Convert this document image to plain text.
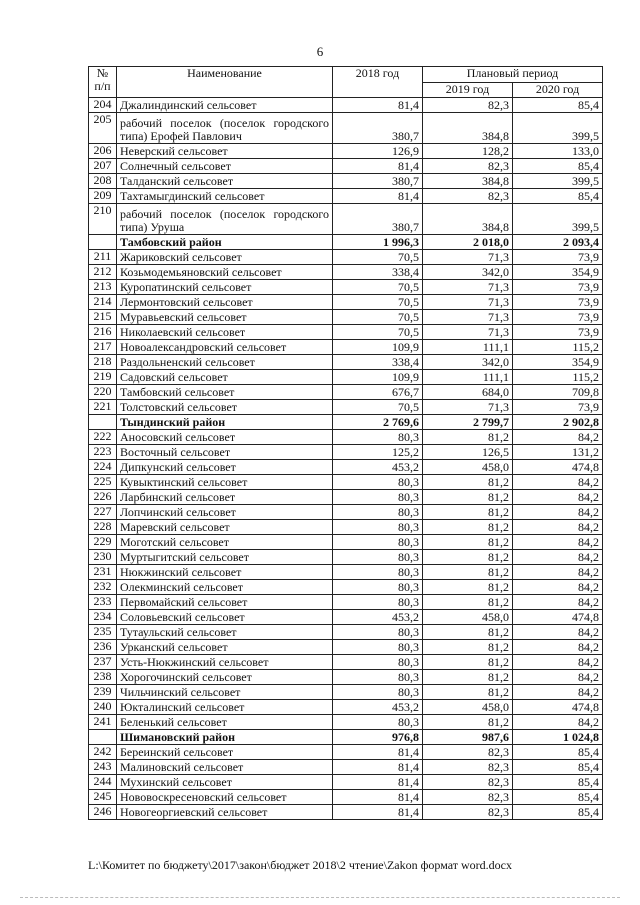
6
№
п/п	Наименование	2018 год	Плановый период	
			2019 год	2020 год
204	Джалиндинский сельсовет	81,4	82,3	85,4
205	рабочий поселок (поселок городского типа) Ерофей Павлович	380,7	384,8	399,5
206	Неверский сельсовет	126,9	128,2	133,0
207	Солнечный сельсовет	81,4	82,3	85,4
208	Талданский сельсовет	380,7	384,8	399,5
209	Тахтамыгдинский сельсовет	81,4	82,3	85,4
210	рабочий поселок (поселок городского типа) Уруша	380,7	384,8	399,5
	Тамбовский район	1 996,3	2 018,0	2 093,4
211	Жариковский сельсовет	70,5	71,3	73,9
212	Козьмодемьяновский сельсовет	338,4	342,0	354,9
213	Куропатинский сельсовет	70,5	71,3	73,9
214	Лермонтовский сельсовет	70,5	71,3	73,9
215	Муравьевский сельсовет	70,5	71,3	73,9
216	Николаевский сельсовет	70,5	71,3	73,9
217	Новоалександровский сельсовет	109,9	111,1	115,2
218	Раздольненский сельсовет	338,4	342,0	354,9
219	Садовский сельсовет	109,9	111,1	115,2
220	Тамбовский сельсовет	676,7	684,0	709,8
221	Толстовский сельсовет	70,5	71,3	73,9
	Тындинский район	2 769,6	2 799,7	2 902,8
222	Аносовский сельсовет	80,3	81,2	84,2
223	Восточный сельсовет	125,2	126,5	131,2
224	Дипкунский сельсовет	453,2	458,0	474,8
225	Кувыктинский сельсовет	80,3	81,2	84,2
226	Ларбинский сельсовет	80,3	81,2	84,2
227	Лопчинский сельсовет	80,3	81,2	84,2
228	Маревский сельсовет	80,3	81,2	84,2
229	Моготский сельсовет	80,3	81,2	84,2
230	Муртыгитский сельсовет	80,3	81,2	84,2
231	Нюкжинский сельсовет	80,3	81,2	84,2
232	Олекминский сельсовет	80,3	81,2	84,2
233	Первомайский сельсовет	80,3	81,2	84,2
234	Соловьевский сельсовет	453,2	458,0	474,8
235	Тутаульский сельсовет	80,3	81,2	84,2
236	Урканский сельсовет	80,3	81,2	84,2
237	Усть-Нюкжинский сельсовет	80,3	81,2	84,2
238	Хорогочинский сельсовет	80,3	81,2	84,2
239	Чильчинский сельсовет	80,3	81,2	84,2
240	Юкталинский сельсовет	453,2	458,0	474,8
241	Беленький сельсовет	80,3	81,2	84,2
	Шимановский район	976,8	987,6	1 024,8
242	Береинский сельсовет	81,4	82,3	85,4
243	Малиновский сельсовет	81,4	82,3	85,4
244	Мухинский сельсовет	81,4	82,3	85,4
245	Нововоскресеновский сельсовет	81,4	82,3	85,4
246	Новогеоргиевский сельсовет	81,4	82,3	85,4
L:\Комитет по бюджету\2017\закон\бюджет 2018\2 чтение\Zakon формат word.docx
